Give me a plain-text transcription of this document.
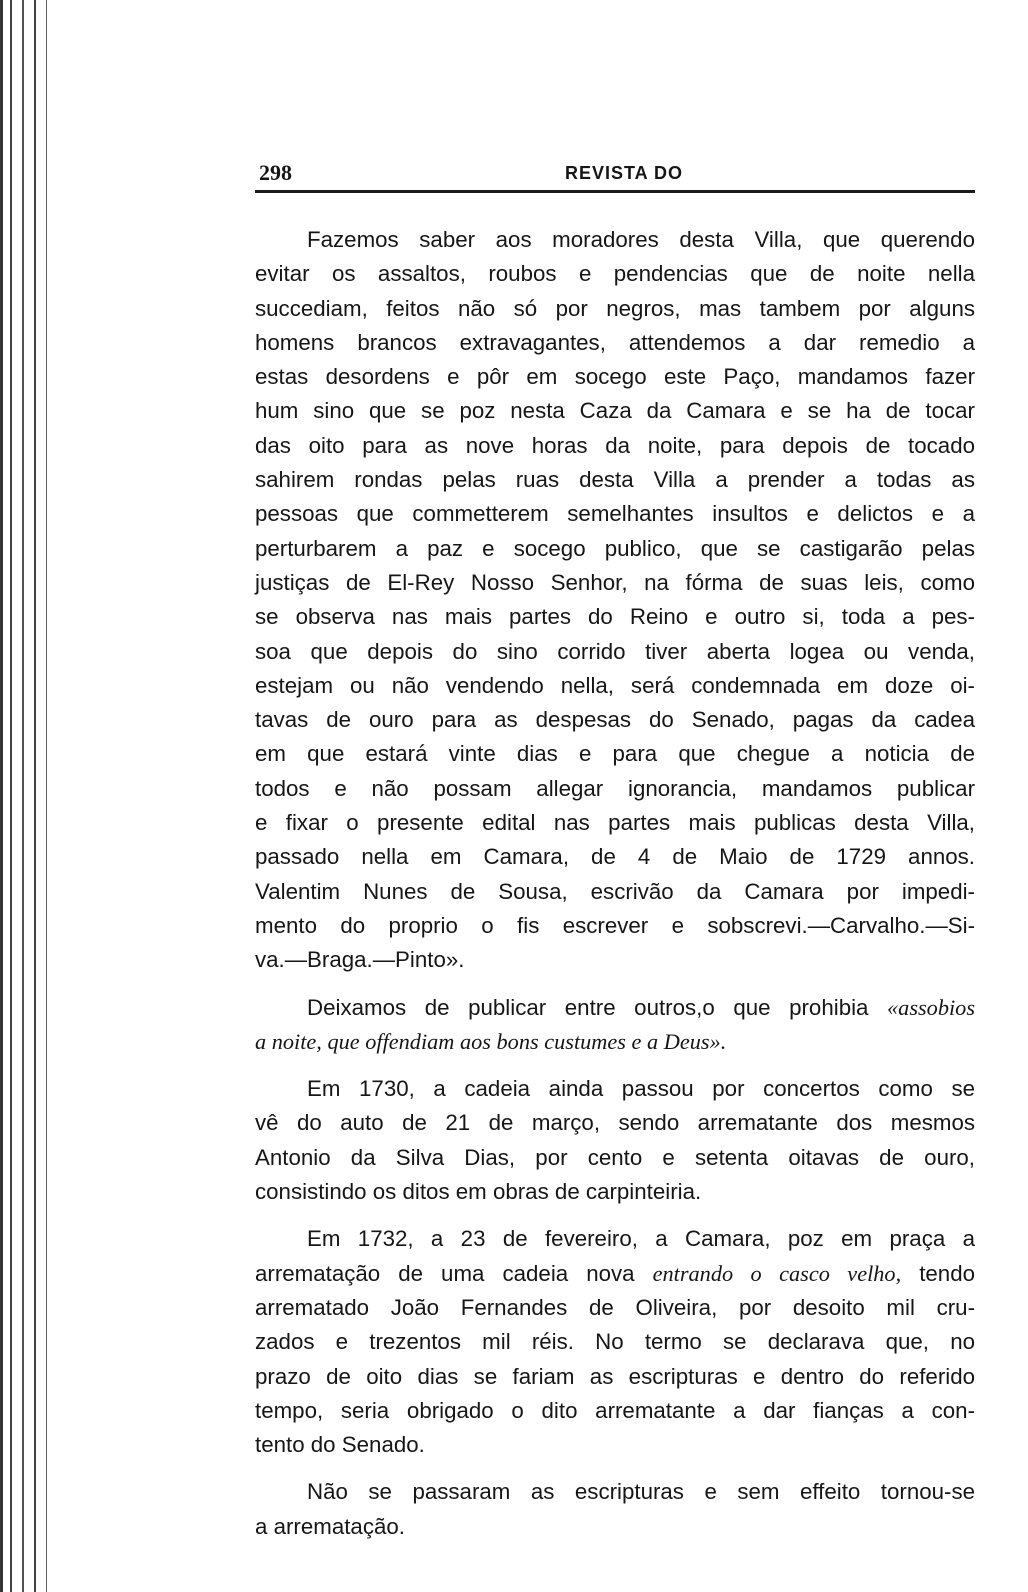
298	REVISTA DO
Fazemos saber aos moradores desta Villa, que querendo
evitar os assaltos, roubos e pendencias que de noite nella
succediam, feitos não só por negros, mas tambem por alguns
homens brancos extravagantes, attendemos a dar remedio a
estas desordens e pôr em socego este Paço, mandamos fazer
hum sino que se poz nesta Caza da Camara e se ha de tocar
das oito para as nove horas da noite, para depois de tocado
sahirem rondas pelas ruas desta Villa a prender a todas as
pessoas que commetterem semelhantes insultos e delictos e a
perturbarem a paz e socego publico, que se castigarão pelas
justiças de El-Rey Nosso Senhor, na fórma de suas leis, como
se observa nas mais partes do Reino e outro si, toda a pes-
soa que depois do sino corrido tiver aberta logea ou venda,
estejam ou não vendendo nella, será condemnada em doze oi-
tavas de ouro para as despesas do Senado, pagas da cadea
em que estará vinte dias e para que chegue a noticia de
todos e não possam allegar ignorancia, mandamos publicar
e fixar o presente edital nas partes mais publicas desta Villa,
passado nella em Camara, de 4 de Maio de 1729 annos.
Valentim Nunes de Sousa, escrivão da Camara por impedi-
mento do proprio o fis escrever e sobscrevi.—Carvalho.—Si-
va.—Braga.—Pinto».
Deixamos de publicar entre outros,o que prohibia «assobios
a noite, que offendiam aos bons custumes e a Deus».
Em 1730, a cadeia ainda passou por concertos como se
vê do auto de 21 de março, sendo arrematante dos mesmos
Antonio da Silva Dias, por cento e setenta oitavas de ouro,
consistindo os ditos em obras de carpinteiria.
Em 1732, a 23 de fevereiro, a Camara, poz em praça a
arrematação de uma cadeia nova entrando o casco velho, tendo
arrematado João Fernandes de Oliveira, por desoito mil cru-
zados e trezentos mil réis. No termo se declarava que, no
prazo de oito dias se fariam as escripturas e dentro do referido
tempo, seria obrigado o dito arrematante a dar fianças a con-
tento do Senado.
Não se passaram as escripturas e sem effeito tornou-se
a arrematação.
